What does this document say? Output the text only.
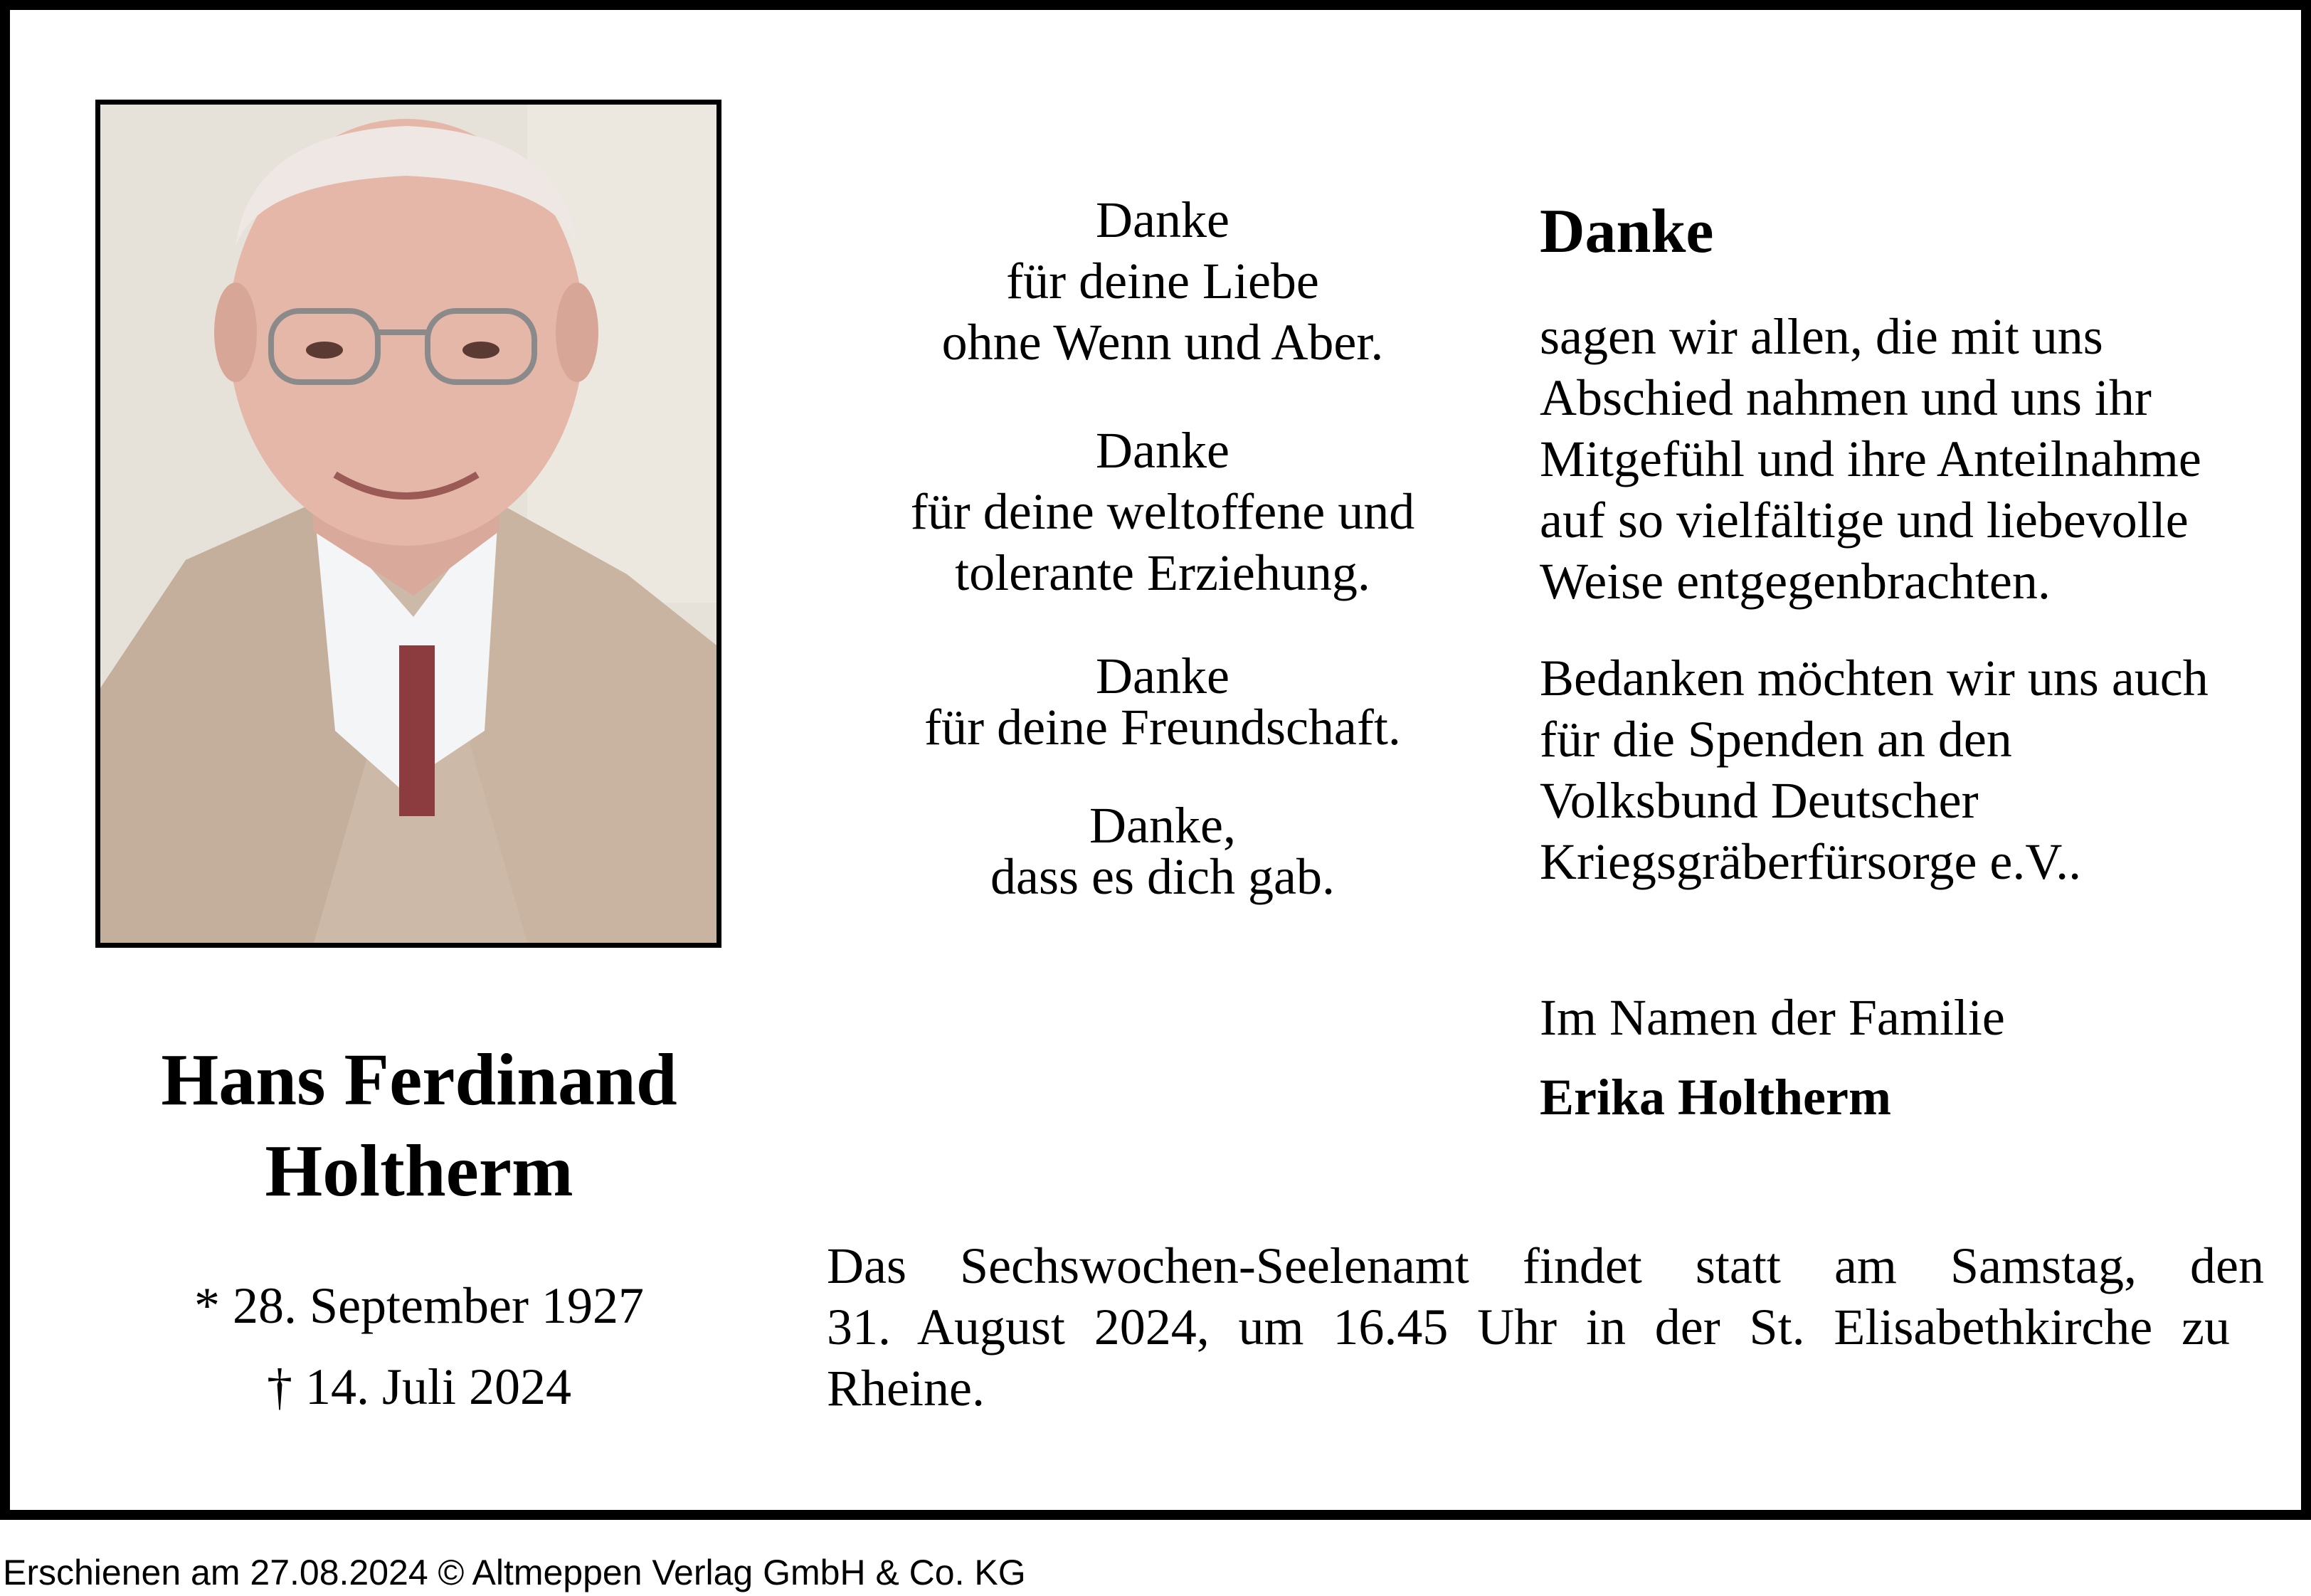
Hans Ferdinand
Holtherm
* 28. September 1927
† 14. Juli 2024
Danke
für deine Liebe
ohne Wenn und Aber.
Danke
für deine weltoffene und
tolerante Erziehung.
Danke
für deine Freundschaft.
Danke,
dass es dich gab.
Danke

sagen wir allen, die mit uns
Abschied nahmen und uns ihr
Mitgefühl und ihre Anteilnahme
auf so vielfältige und liebevolle
Weise entgegenbrachten.

Bedanken möchten wir uns auch
für die Spenden an den
Volksbund Deutscher
Kriegsgräberfürsorge e.V..

Im Namen der Familie
Erika Holtherm
Das Sechswochen-Seelenamt findet statt am Samstag, den
31. August 2024, um 16.45 Uhr in der St. Elisabethkirche zu
Rheine.
Erschienen am 27.08.2024 © Altmeppen Verlag GmbH & Co. KG
